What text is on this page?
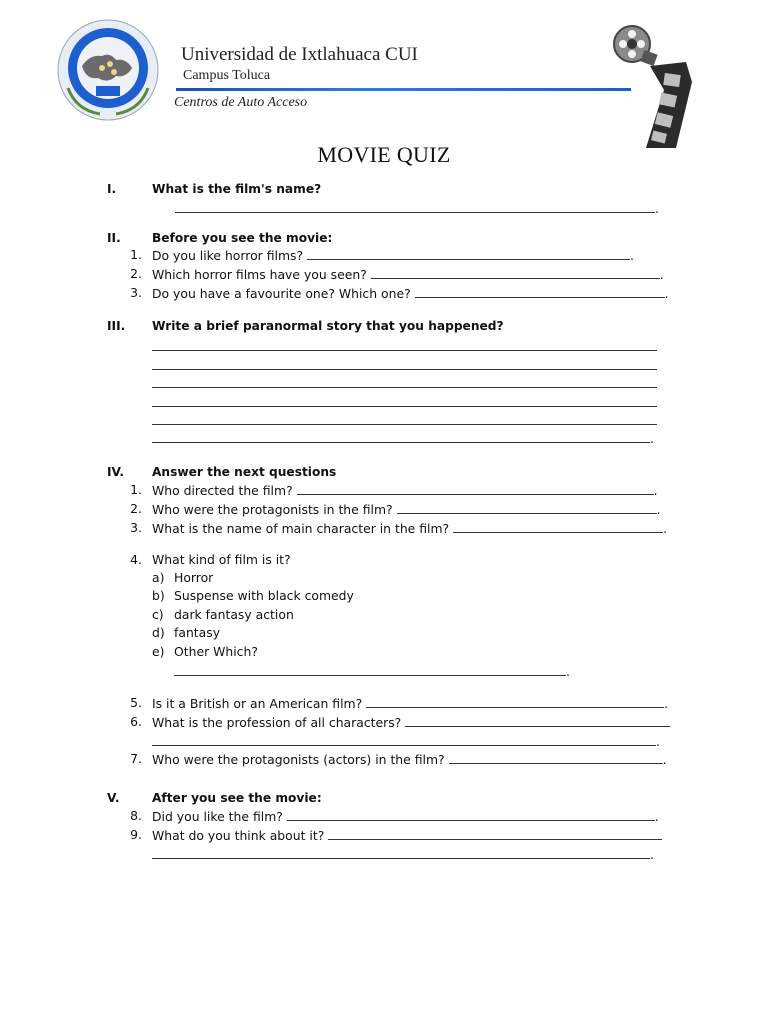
CUI
Universidad de Ixtlahuaca CUI
Campus Toluca
Centros de Auto Acceso
MOVIE QUIZ
I.	What is the film's name?
.
II.	Before you see the movie:
1. Do you like horror films?	.
2. Which horror films have you seen?	.
3. Do you have a favourite one? Which one?	.
III. Write a brief paranormal story that you happened?
.
IV. Answer the next questions
1. Who directed the film?	.
2. Who were the protagonists in the film?	.
3. What is the name of main character in the film?	.
4. What kind of film is it?
a) Horror
b) Suspense with black comedy
c) dark fantasy action
d) fantasy
e) Other Which?
.
5. Is it a British or an American film?	.
6. What is the profession of all characters?
.
7. Who were the protagonists (actors) in the film?	.
V.	After you see the movie:
8. Did you like the film?	.
9. What do you think about it?
.
